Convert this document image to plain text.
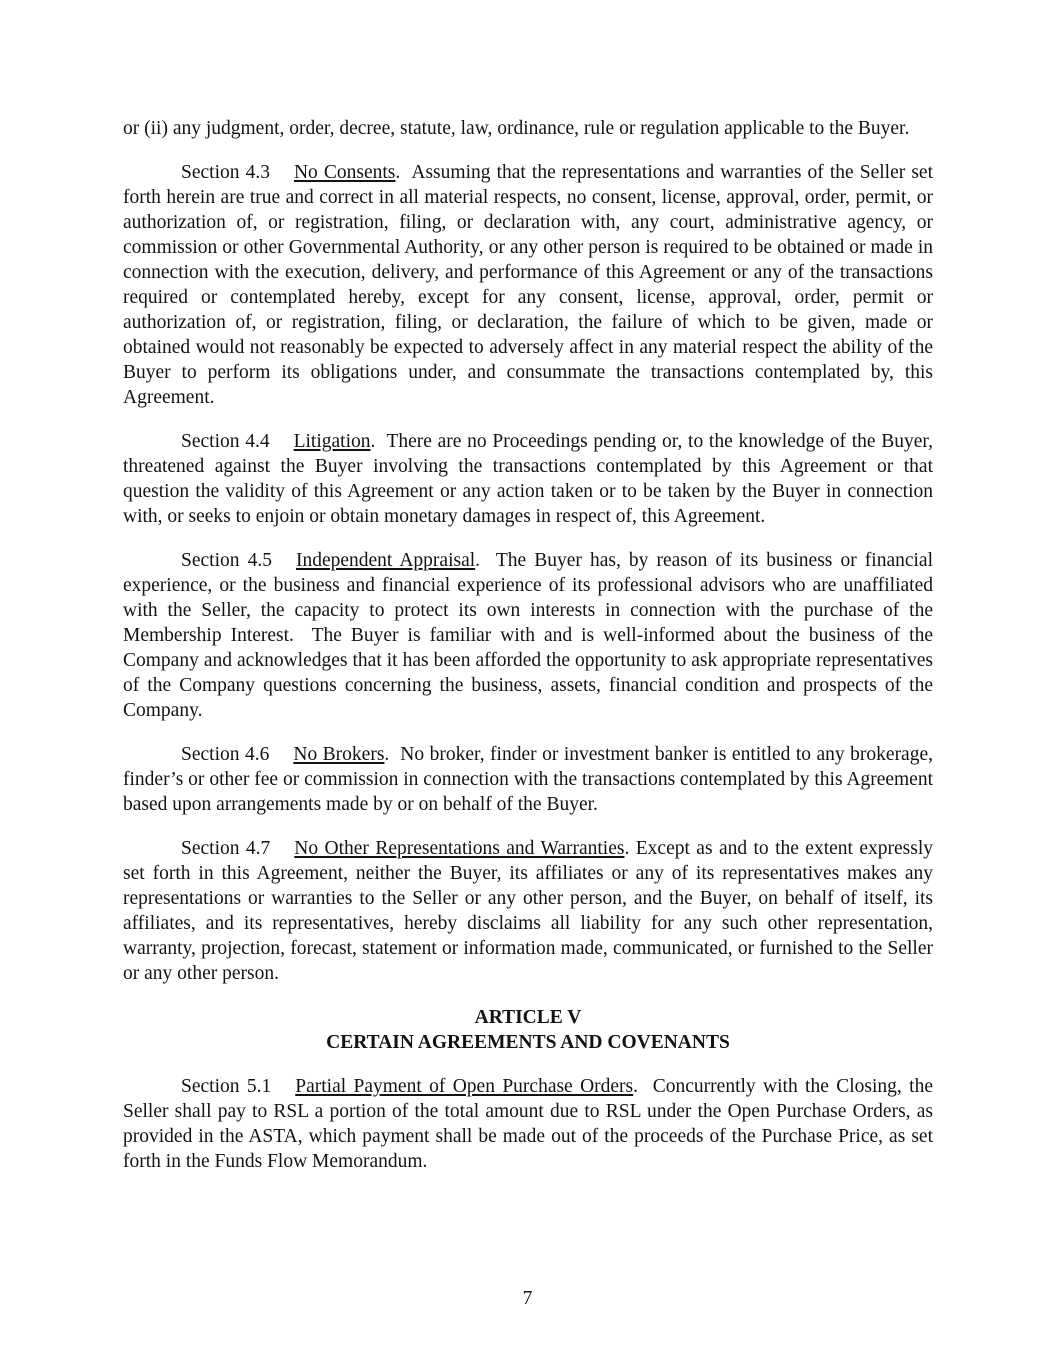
or (ii) any judgment, order, decree, statute, law, ordinance, rule or regulation applicable to the Buyer.

Section 4.3 No Consents.  Assuming that the representations and warranties of the Seller set forth herein are true and correct in all material respects, no consent, license, approval, order, permit, or authorization of, or registration, filing, or declaration with, any court, administrative agency, or commission or other Governmental Authority, or any other person is required to be obtained or made in connection with the execution, delivery, and performance of this Agreement or any of the transactions required or contemplated hereby, except for any consent, license, approval, order, permit or authorization of, or registration, filing, or declaration, the failure of which to be given, made or obtained would not reasonably be expected to adversely affect in any material respect the ability of the Buyer to perform its obligations under, and consummate the transactions contemplated by, this Agreement.

Section 4.4 Litigation.  There are no Proceedings pending or, to the knowledge of the Buyer, threatened against the Buyer involving the transactions contemplated by this Agreement or that question the validity of this Agreement or any action taken or to be taken by the Buyer in connection with, or seeks to enjoin or obtain monetary damages in respect of, this Agreement.

Section 4.5 Independent Appraisal.  The Buyer has, by reason of its business or financial experience, or the business and financial experience of its professional advisors who are unaffiliated with the Seller, the capacity to protect its own interests in connection with the purchase of the Membership Interest.  The Buyer is familiar with and is well-informed about the business of the Company and acknowledges that it has been afforded the opportunity to ask appropriate representatives of the Company questions concerning the business, assets, financial condition and prospects of the Company.

Section 4.6 No Brokers.  No broker, finder or investment banker is entitled to any brokerage, finder’s or other fee or commission in connection with the transactions contemplated by this Agreement based upon arrangements made by or on behalf of the Buyer.

Section 4.7 No Other Representations and Warranties. Except as and to the extent expressly set forth in this Agreement, neither the Buyer, its affiliates or any of its representatives makes any representations or warranties to the Seller or any other person, and the Buyer, on behalf of itself, its affiliates, and its representatives, hereby disclaims all liability for any such other representation, warranty, projection, forecast, statement or information made, communicated, or furnished to the Seller or any other person.

ARTICLE V
CERTAIN AGREEMENTS AND COVENANTS

Section 5.1 Partial Payment of Open Purchase Orders.  Concurrently with the Closing, the Seller shall pay to RSL a portion of the total amount due to RSL under the Open Purchase Orders, as provided in the ASTA, which payment shall be made out of the proceeds of the Purchase Price, as set forth in the Funds Flow Memorandum.

7
